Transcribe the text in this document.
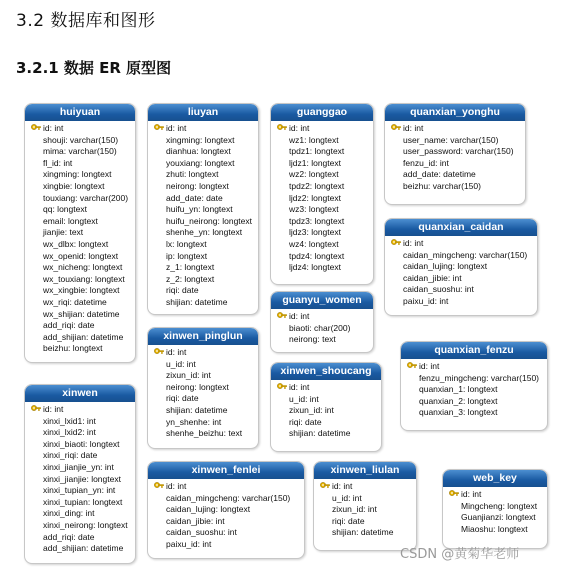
3.2 数据库和图形
3.2.1 数据 ER 原型图
huiyuan
id: int
shouji: varchar(150)
mima: varchar(150)
fl_id: int
xingming: longtext
xingbie: longtext
touxiang: varchar(200)
qq: longtext
email: longtext
jianjie: text
wx_dlbx: longtext
wx_openid: longtext
wx_nicheng: longtext
wx_touxiang: longtext
wx_xingbie: longtext
wx_riqi: datetime
wx_shijian: datetime
add_riqi: date
add_shijian: datetime
beizhu: longtext
liuyan
id: int
xingming: longtext
dianhua: longtext
youxiang: longtext
zhuti: longtext
neirong: longtext
add_date: date
huifu_yn: longtext
huifu_neirong: longtext
shenhe_yn: longtext
lx: longtext
ip: longtext
z_1: longtext
z_2: longtext
riqi: date
shijian: datetime
guanggao
id: int
wz1: longtext
tpdz1: longtext
ljdz1: longtext
wz2: longtext
tpdz2: longtext
ljdz2: longtext
wz3: longtext
tpdz3: longtext
ljdz3: longtext
wz4: longtext
tpdz4: longtext
ljdz4: longtext
quanxian_yonghu
id: int
user_name: varchar(150)
user_password: varchar(150)
fenzu_id: int
add_date: datetime
beizhu: varchar(150)
quanxian_caidan
id: int
caidan_mingcheng: varchar(150)
caidan_lujing: longtext
caidan_jibie: int
caidan_suoshu: int
paixu_id: int
guanyu_women
id: int
biaoti: char(200)
neirong: text
xinwen_pinglun
id: int
u_id: int
zixun_id: int
neirong: longtext
riqi: date
shijian: datetime
yn_shenhe: int
shenhe_beizhu: text
xinwen_shoucang
id: int
u_id: int
zixun_id: int
riqi: date
shijian: datetime
quanxian_fenzu
id: int
fenzu_mingcheng: varchar(150)
quanxian_1: longtext
quanxian_2: longtext
quanxian_3: longtext
xinwen
id: int
xinxi_lxid1: int
xinxi_lxid2: int
xinxi_biaoti: longtext
xinxi_riqi: date
xinxi_jianjie_yn: int
xinxi_jianjie: longtext
xinxi_tupian_yn: int
xinxi_tupian: longtext
xinxi_ding: int
xinxi_neirong: longtext
add_riqi: date
add_shijian: datetime
xinwen_fenlei
id: int
caidan_mingcheng: varchar(150)
caidan_lujing: longtext
caidan_jibie: int
caidan_suoshu: int
paixu_id: int
xinwen_liulan
id: int
u_id: int
zixun_id: int
riqi: date
shijian: datetime
web_key
id: int
Mingcheng: longtext
Guanjianzi: longtext
Miaoshu: longtext
CSDN @黄菊华老师
